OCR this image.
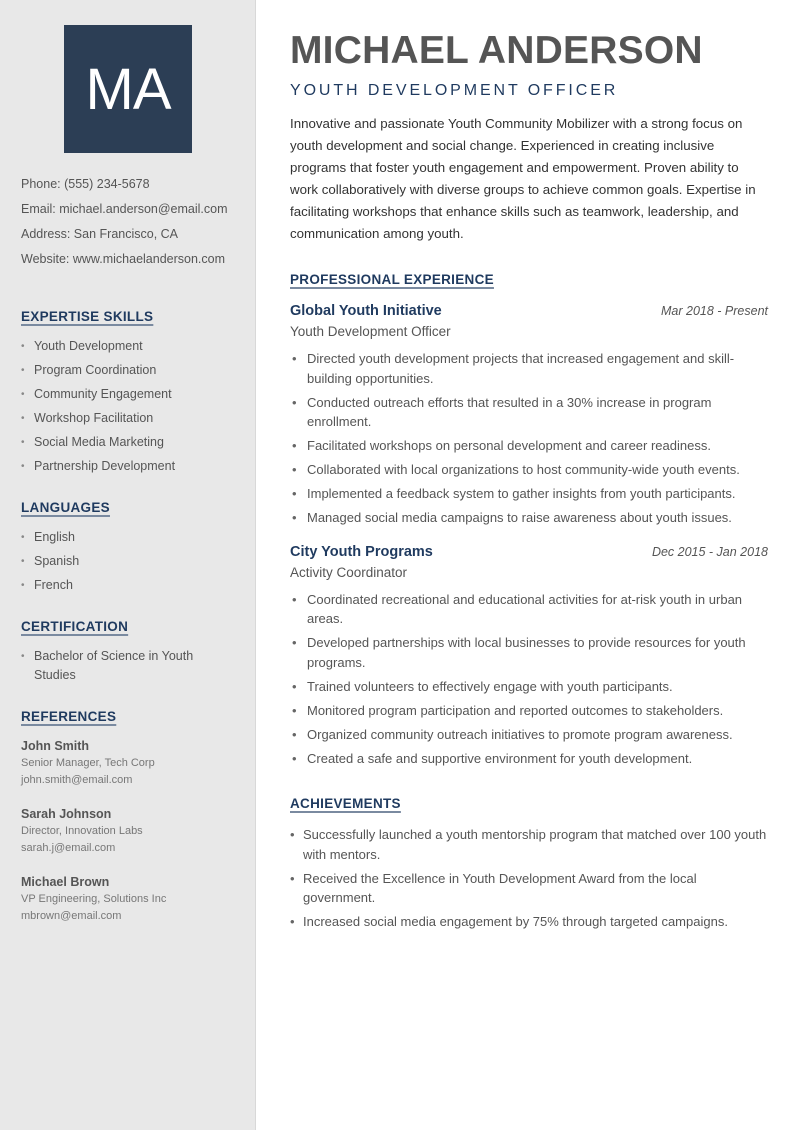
MA
Phone: (555) 234-5678
Email: michael.anderson@email.com
Address: San Francisco, CA
Website: www.michaelanderson.com
EXPERTISE SKILLS
• Youth Development
• Program Coordination
• Community Engagement
• Workshop Facilitation
• Social Media Marketing
• Partnership Development
LANGUAGES
• English
• Spanish
• French
CERTIFICATION
• Bachelor of Science in Youth Studies
REFERENCES
John Smith
Senior Manager, Tech Corp
john.smith@email.com
Sarah Johnson
Director, Innovation Labs
sarah.j@email.com
Michael Brown
VP Engineering, Solutions Inc
mbrown@email.com
MICHAEL ANDERSON
YOUTH DEVELOPMENT OFFICER
Innovative and passionate Youth Community Mobilizer with a strong focus on youth development and social change. Experienced in creating inclusive programs that foster youth engagement and empowerment. Proven ability to work collaboratively with diverse groups to achieve common goals. Expertise in facilitating workshops that enhance skills such as teamwork, leadership, and communication among youth.
PROFESSIONAL EXPERIENCE
Global Youth Initiative	Mar 2018 - Present
Youth Development Officer
• Directed youth development projects that increased engagement and skill-building opportunities.
• Conducted outreach efforts that resulted in a 30% increase in program enrollment.
• Facilitated workshops on personal development and career readiness.
• Collaborated with local organizations to host community-wide youth events.
• Implemented a feedback system to gather insights from youth participants.
• Managed social media campaigns to raise awareness about youth issues.
City Youth Programs	Dec 2015 - Jan 2018
Activity Coordinator
• Coordinated recreational and educational activities for at-risk youth in urban areas.
• Developed partnerships with local businesses to provide resources for youth programs.
• Trained volunteers to effectively engage with youth participants.
• Monitored program participation and reported outcomes to stakeholders.
• Organized community outreach initiatives to promote program awareness.
• Created a safe and supportive environment for youth development.
ACHIEVEMENTS
• Successfully launched a youth mentorship program that matched over 100 youth with mentors.
• Received the Excellence in Youth Development Award from the local government.
• Increased social media engagement by 75% through targeted campaigns.
